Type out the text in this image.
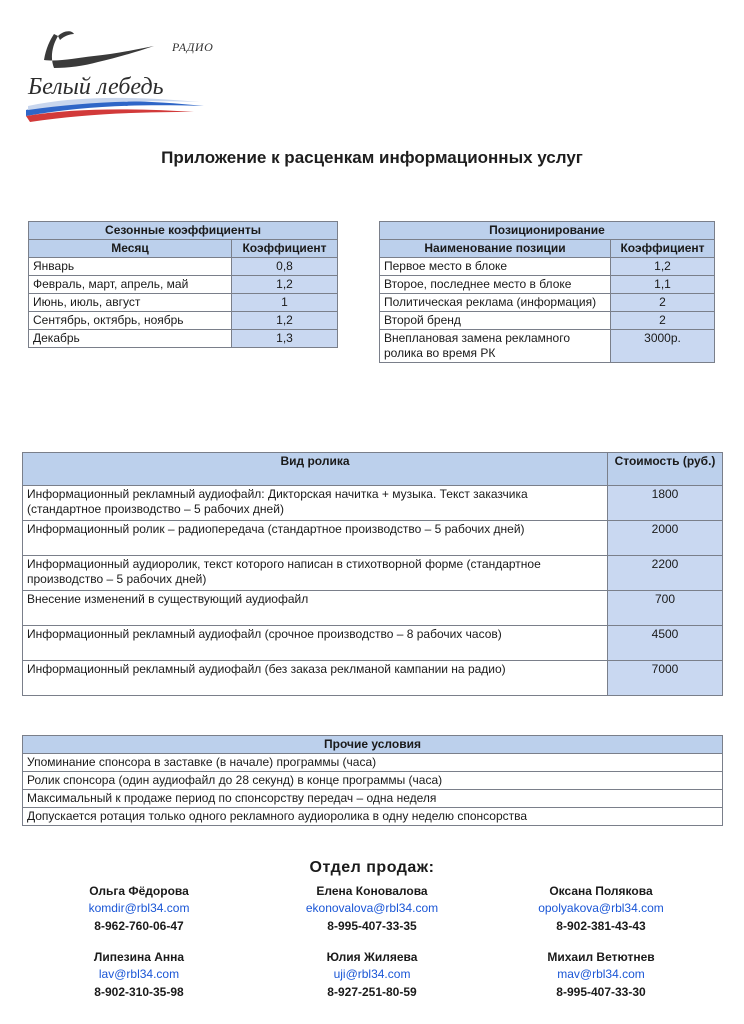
РАДИО
Белый лебедь
Приложение к расценкам информационных услуг
Сезонные коэффициенты	
Месяц	Коэффициент
Январь	0,8
Февраль, март, апрель, май	1,2
Июнь, июль, август	1
Сентябрь, октябрь, ноябрь	1,2
Декабрь	1,3
Позиционирование	
Наименование позиции	Коэффициент
Первое место в блоке	1,2
Второе, последнее место в блоке	1,1
Политическая реклама (информация)	2
Второй бренд	2
Внеплановая замена рекламного ролика во время РК	3000р.
Вид ролика	Стоимость (руб.)
Информационный рекламный аудиофайл: Дикторская начитка + музыка. Текст заказчика (стандартное производство – 5 рабочих дней)	1800
Информационный ролик – радиопередача (стандартное производство – 5 рабочих дней)	2000
Информационный аудиоролик, текст которого написан в стихотворной форме (стандартное производство – 5 рабочих дней)	2200
Внесение изменений в существующий аудиофайл	700
Информационный рекламный аудиофайл (срочное производство – 8 рабочих часов)	4500
Информационный рекламный аудиофайл (без заказа реклманой кампании на радио)	7000
Прочие условия
Упоминание спонсора в заставке (в начале) программы (часа)
Ролик спонсора (один аудиофайл до 28 секунд) в конце программы (часа)
Максимальный к продаже период по спонсорству передач – одна неделя
Допускается ротация только одного рекламного аудиоролика в одну неделю спонсорства
Отдел продаж:
Ольга Фёдорова
komdir@rbl34.com
8-962-760-06-47
Елена Коновалова
ekonovalova@rbl34.com
8-995-407-33-35
Оксана Полякова
opolyakova@rbl34.com
8-902-381-43-43
Липезина Анна
lav@rbl34.com
8-902-310-35-98
Юлия Жиляева
uji@rbl34.com
8-927-251-80-59
Михаил Ветютнев
mav@rbl34.com
8-995-407-33-30
